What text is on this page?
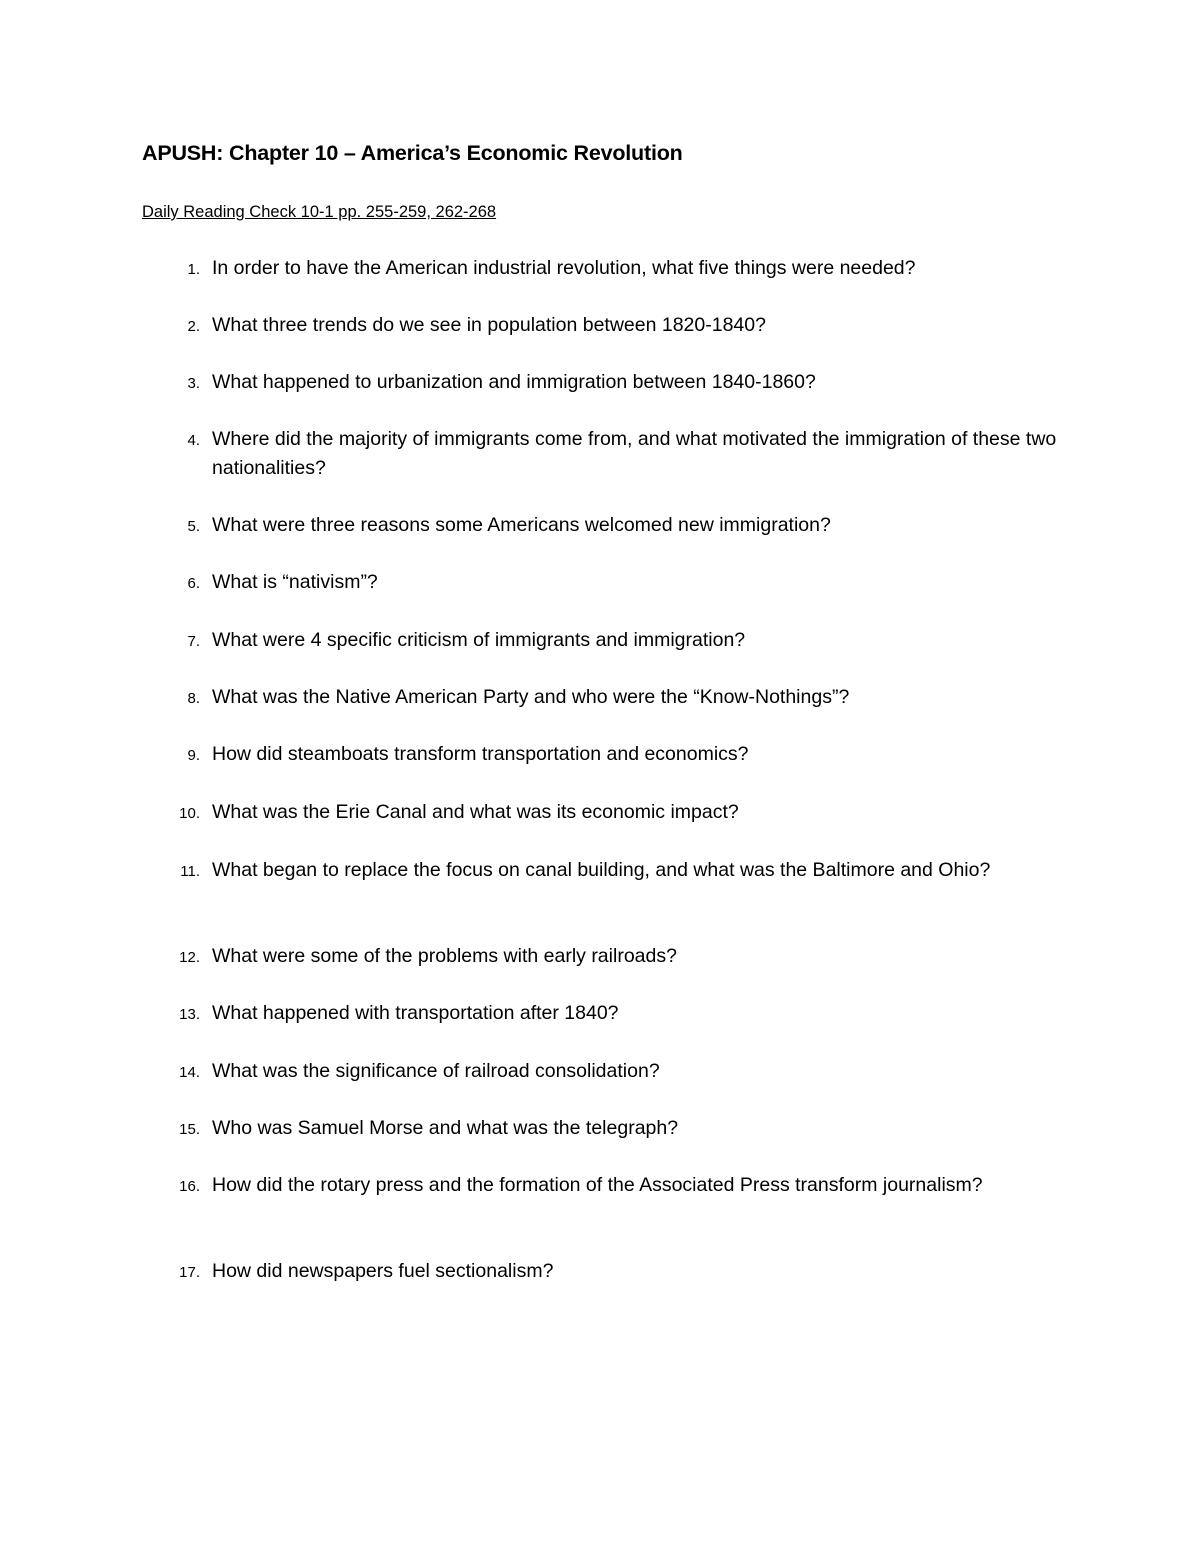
APUSH: Chapter 10 – America’s Economic Revolution
Daily Reading Check 10-1 pp. 255-259, 262-268
1. In order to have the American industrial revolution, what five things were needed?
2. What three trends do we see in population between 1820-1840?
3. What happened to urbanization and immigration between 1840-1860?
4. Where did the majority of immigrants come from, and what motivated the immigration of these two nationalities?
5. What were three reasons some Americans welcomed new immigration?
6. What is “nativism”?
7. What were 4 specific criticism of immigrants and immigration?
8. What was the Native American Party and who were the “Know-Nothings”?
9. How did steamboats transform transportation and economics?
10. What was the Erie Canal and what was its economic impact?
11. What began to replace the focus on canal building, and what was the Baltimore and Ohio?
12. What were some of the problems with early railroads?
13. What happened with transportation after 1840?
14. What was the significance of railroad consolidation?
15. Who was Samuel Morse and what was the telegraph?
16. How did the rotary press and the formation of the Associated Press transform journalism?
17. How did newspapers fuel sectionalism?
